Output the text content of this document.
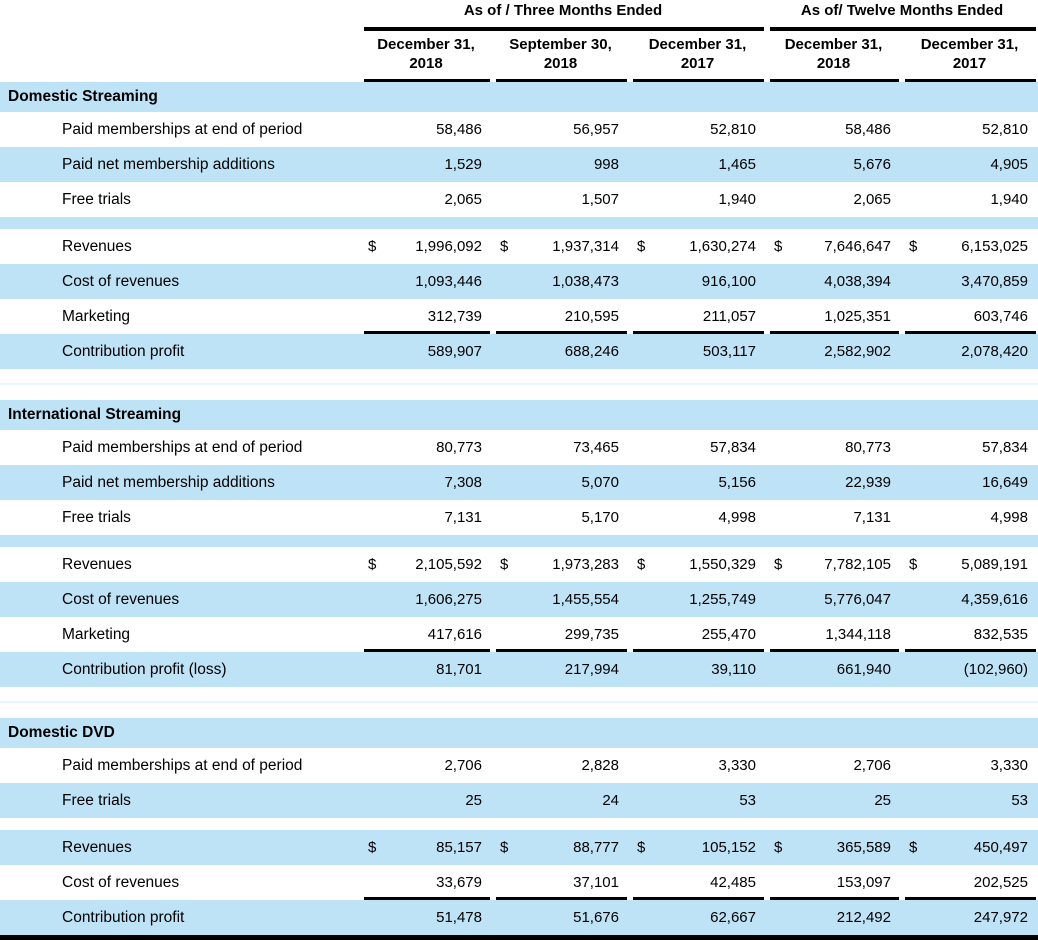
As of / Three Months Ended	As of/ Twelve Months Ended
December 31,
2018
September 30,
2018
December 31,
2017
December 31,
2018
December 31,
2017
Domestic Streaming
Paid memberships at end of period	58,486	56,957	52,810	58,486	52,810
Paid net membership additions	1,529	998	1,465	5,676	4,905
Free trials	2,065	1,507	1,940	2,065	1,940
Revenues	$	1,996,092	$	1,937,314	$	1,630,274	$	7,646,647	$	6,153,025
Cost of revenues	1,093,446	1,038,473	916,100	4,038,394	3,470,859
Marketing	312,739	210,595	211,057	1,025,351	603,746
Contribution profit	589,907	688,246	503,117	2,582,902	2,078,420
International Streaming
Paid memberships at end of period	80,773	73,465	57,834	80,773	57,834
Paid net membership additions	7,308	5,070	5,156	22,939	16,649
Free trials	7,131	5,170	4,998	7,131	4,998
Revenues	$	2,105,592	$	1,973,283	$	1,550,329	$	7,782,105	$	5,089,191
Cost of revenues	1,606,275	1,455,554	1,255,749	5,776,047	4,359,616
Marketing	417,616	299,735	255,470	1,344,118	832,535
Contribution profit (loss)	81,701	217,994	39,110	661,940	(102,960)
Domestic DVD
Paid memberships at end of period	2,706	2,828	3,330	2,706	3,330
Free trials	25	24	53	25	53
Revenues	$	85,157	$	88,777	$	105,152	$	365,589	$	450,497
Cost of revenues	33,679	37,101	42,485	153,097	202,525
Contribution profit	51,478	51,676	62,667	212,492	247,972
